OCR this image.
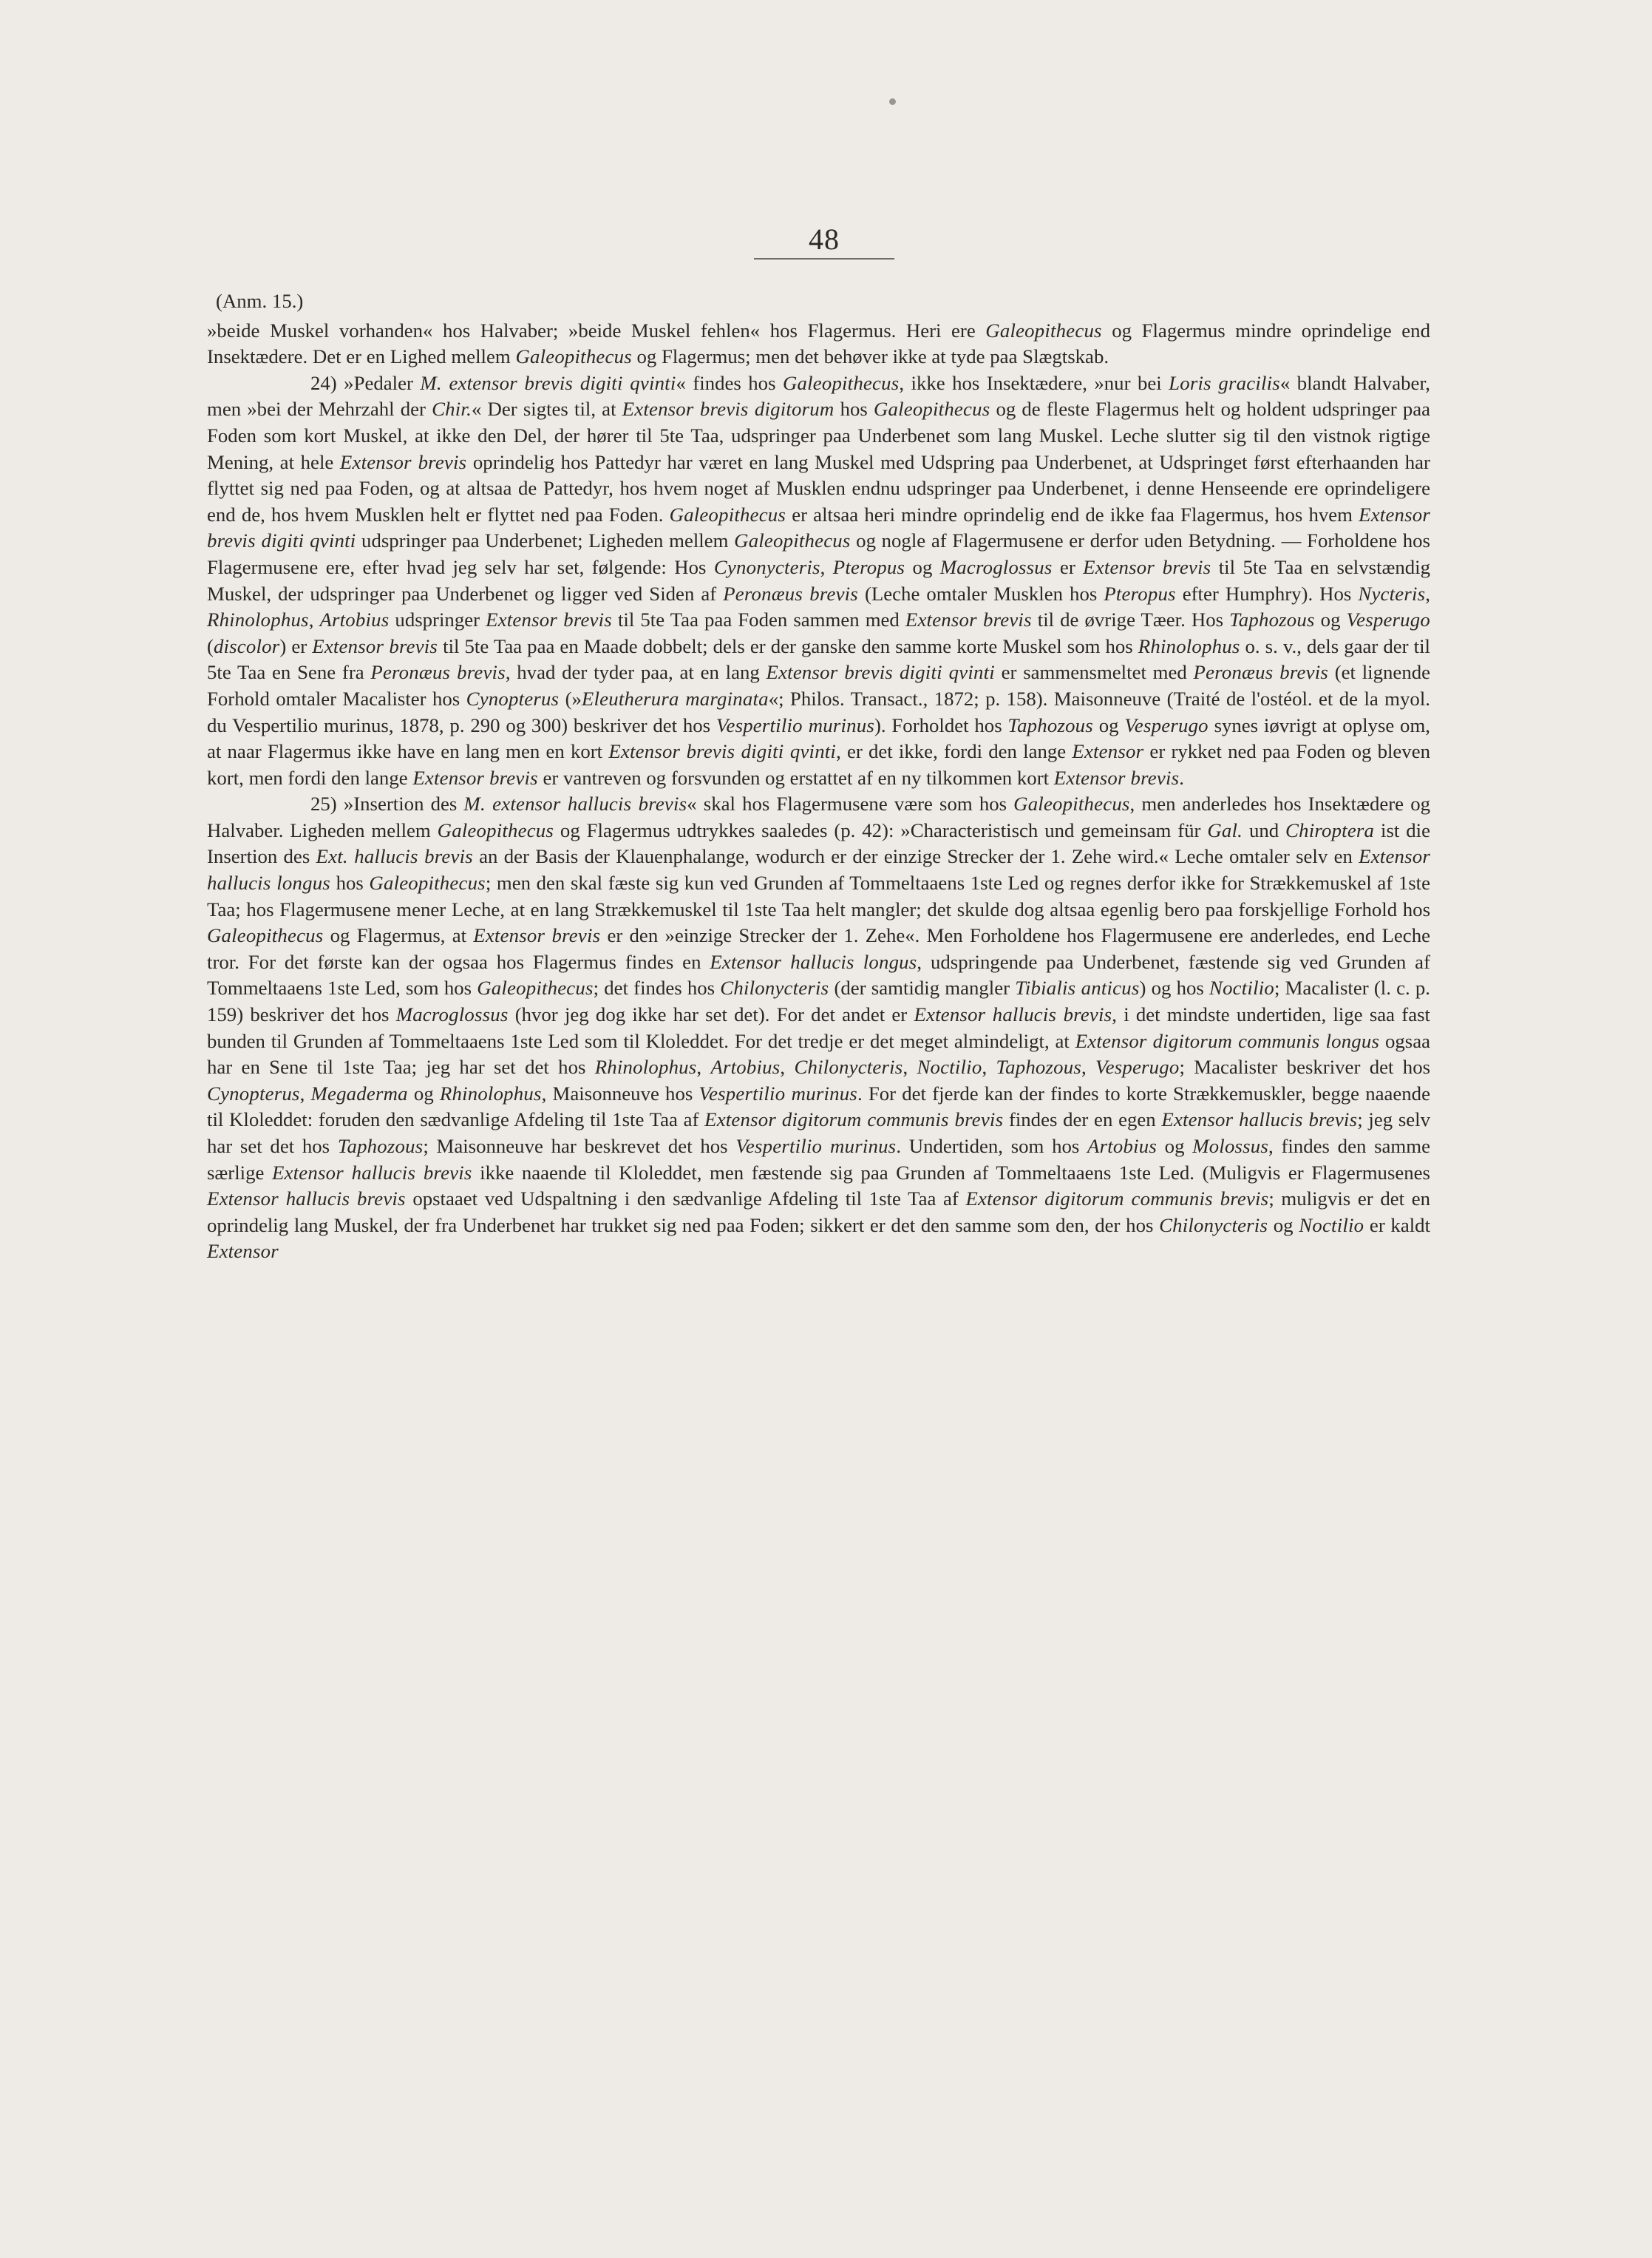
48
(Anm. 15.)

»beide Muskel vorhanden« hos Halvaber; »beide Muskel fehlen« hos Flagermus. Heri ere Galeopithecus og Flagermus mindre oprindelige end Insektædere. Det er en Lighed mellem Galeopithecus og Flagermus; men det behøver ikke at tyde paa Slægtskab.

24) »Pedaler M. extensor brevis digiti qvinti« findes hos Galeopithecus, ikke hos Insektædere, »nur bei Loris gracilis« blandt Halvaber, men »bei der Mehrzahl der Chir.« Der sigtes til, at Extensor brevis digitorum hos Galeopithecus og de fleste Flagermus helt og holdent udspringer paa Foden som kort Muskel, at ikke den Del, der hører til 5te Taa, udspringer paa Underbenet som lang Muskel. Leche slutter sig til den vistnok rigtige Mening, at hele Extensor brevis oprindelig hos Pattedyr har været en lang Muskel med Udspring paa Underbenet, at Udspringet først efterhaanden har flyttet sig ned paa Foden, og at altsaa de Pattedyr, hos hvem noget af Musklen endnu udspringer paa Underbenet, i denne Henseende ere oprindeligere end de, hos hvem Musklen helt er flyttet ned paa Foden. Galeopithecus er altsaa heri mindre oprindelig end de ikke faa Flagermus, hos hvem Extensor brevis digiti qvinti udspringer paa Underbenet; Ligheden mellem Galeopithecus og nogle af Flagermusene er derfor uden Betydning. — Forholdene hos Flagermusene ere, efter hvad jeg selv har set, følgende: Hos Cynonycteris, Pteropus og Macroglossus er Extensor brevis til 5te Taa en selvstændig Muskel, der udspringer paa Underbenet og ligger ved Siden af Peronæus brevis (Leche omtaler Musklen hos Pteropus efter Humphry). Hos Nycteris, Rhinolophus, Artobius udspringer Extensor brevis til 5te Taa paa Foden sammen med Extensor brevis til de øvrige Tæer. Hos Taphozous og Vesperugo (discolor) er Extensor brevis til 5te Taa paa en Maade dobbelt; dels er der ganske den samme korte Muskel som hos Rhinolophus o. s. v., dels gaar der til 5te Taa en Sene fra Peronæus brevis, hvad der tyder paa, at en lang Extensor brevis digiti qvinti er sammensmeltet med Peronæus brevis (et lignende Forhold omtaler Macalister hos Cynopterus (»Eleutherura marginata«; Philos. Transact., 1872; p. 158). Maisonneuve (Traité de l'ostéol. et de la myol. du Vespertilio murinus, 1878, p. 290 og 300) beskriver det hos Vespertilio murinus). Forholdet hos Taphozous og Vesperugo synes iøvrigt at oplyse om, at naar Flagermus ikke have en lang men en kort Extensor brevis digiti qvinti, er det ikke, fordi den lange Extensor er rykket ned paa Foden og bleven kort, men fordi den lange Extensor brevis er vantreven og forsvunden og erstattet af en ny tilkommen kort Extensor brevis.

25) »Insertion des M. extensor hallucis brevis« skal hos Flagermusene være som hos Galeopithecus, men anderledes hos Insektædere og Halvaber. Ligheden mellem Galeopithecus og Flagermus udtrykkes saaledes (p. 42): »Characteristisch und gemeinsam für Gal. und Chiroptera ist die Insertion des Ext. hallucis brevis an der Basis der Klauenphalange, wodurch er der einzige Strecker der 1. Zehe wird.« Leche omtaler selv en Extensor hallucis longus hos Galeopithecus; men den skal fæste sig kun ved Grunden af Tommeltaaens 1ste Led og regnes derfor ikke for Strækkemuskel af 1ste Taa; hos Flagermusene mener Leche, at en lang Strækkemuskel til 1ste Taa helt mangler; det skulde dog altsaa egenlig bero paa forskjellige Forhold hos Galeopithecus og Flagermus, at Extensor brevis er den »einzige Strecker der 1. Zehe«. Men Forholdene hos Flagermusene ere anderledes, end Leche tror. For det første kan der ogsaa hos Flagermus findes en Extensor hallucis longus, udspringende paa Underbenet, fæstende sig ved Grunden af Tommeltaaens 1ste Led, som hos Galeopithecus; det findes hos Chilonycteris (der samtidig mangler Tibialis anticus) og hos Noctilio; Macalister (l. c. p. 159) beskriver det hos Macroglossus (hvor jeg dog ikke har set det). For det andet er Extensor hallucis brevis, i det mindste undertiden, lige saa fast bunden til Grunden af Tommeltaaens 1ste Led som til Kloleddet. For det tredje er det meget almindeligt, at Extensor digitorum communis longus ogsaa har en Sene til 1ste Taa; jeg har set det hos Rhinolophus, Artobius, Chilonycteris, Noctilio, Taphozous, Vesperugo; Macalister beskriver det hos Cynopterus, Megaderma og Rhinolophus, Maisonneuve hos Vespertilio murinus. For det fjerde kan der findes to korte Strækkemuskler, begge naaende til Kloleddet: foruden den sædvanlige Afdeling til 1ste Taa af Extensor digitorum communis brevis findes der en egen Extensor hallucis brevis; jeg selv har set det hos Taphozous; Maisonneuve har beskrevet det hos Vespertilio murinus. Undertiden, som hos Artobius og Molossus, findes den samme særlige Extensor hallucis brevis ikke naaende til Kloleddet, men fæstende sig paa Grunden af Tommeltaaens 1ste Led. (Muligvis er Flagermusenes Extensor hallucis brevis opstaaet ved Udspaltning i den sædvanlige Afdeling til 1ste Taa af Extensor digitorum communis brevis; muligvis er det en oprindelig lang Muskel, der fra Underbenet har trukket sig ned paa Foden; sikkert er det den samme som den, der hos Chilonycteris og Noctilio er kaldt Extensor
